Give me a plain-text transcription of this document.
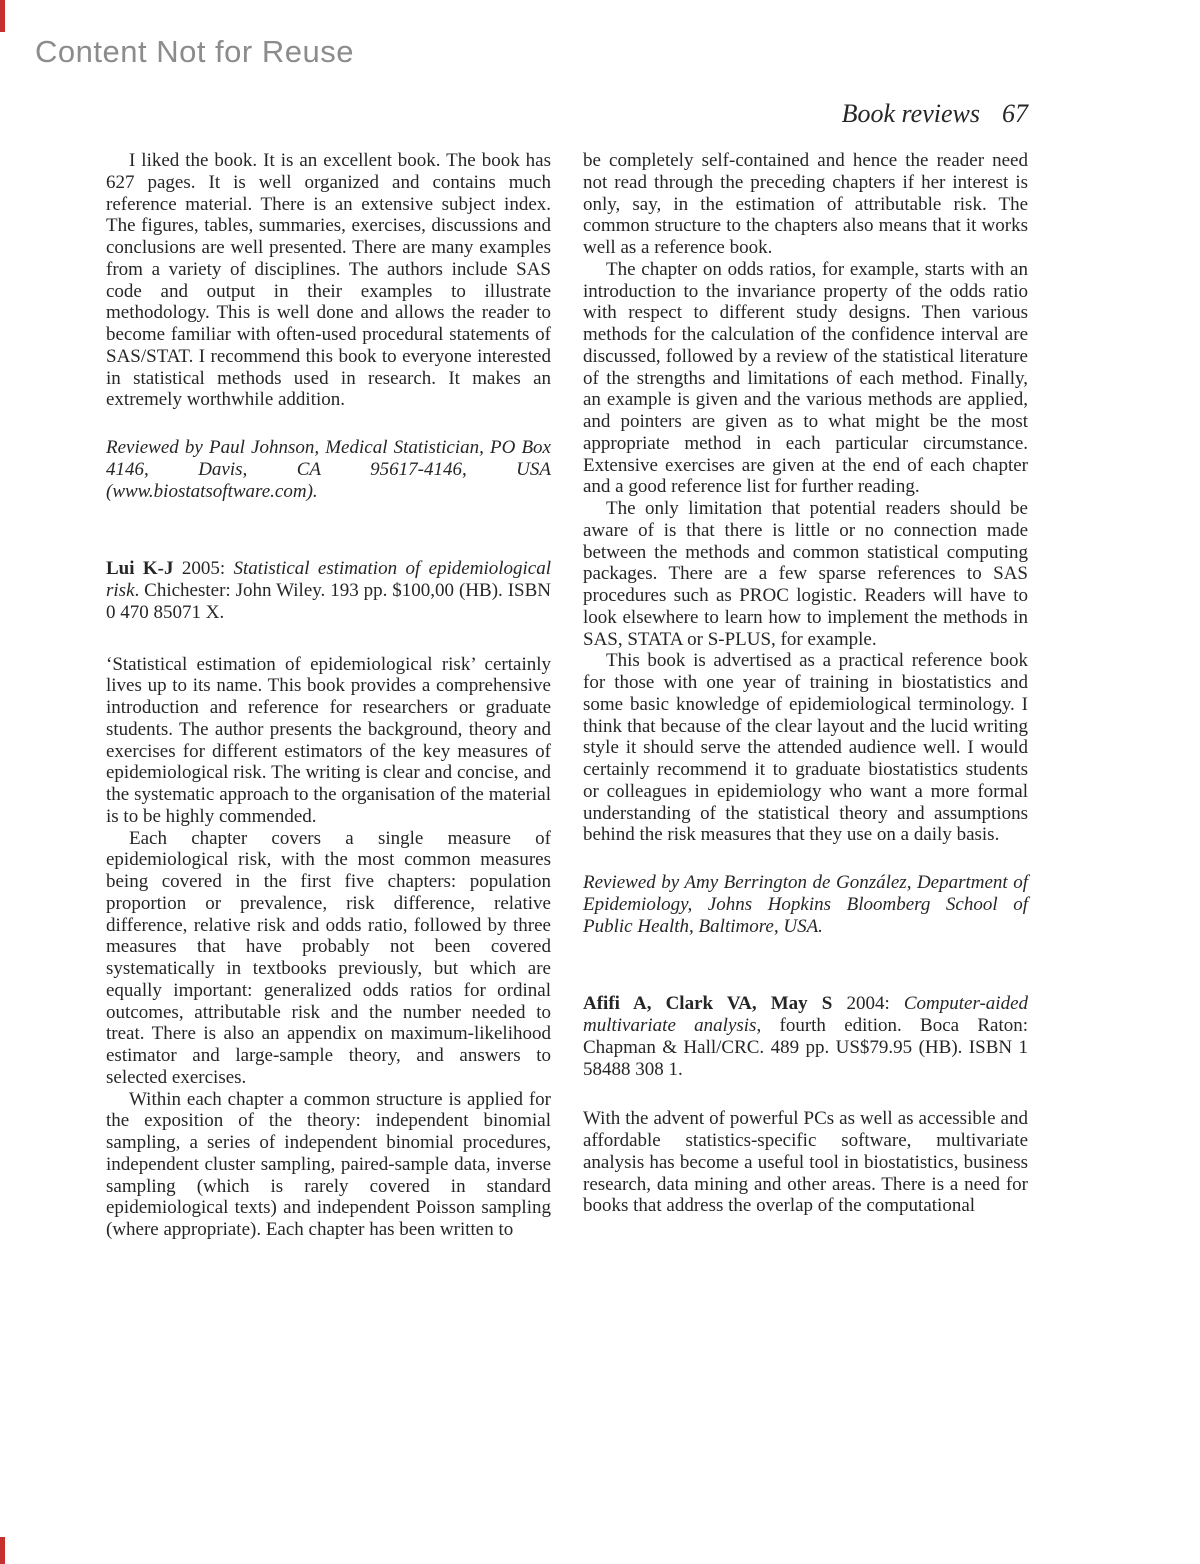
Content Not for Reuse
Book reviews 67

I liked the book. It is an excellent book. The book has 627 pages. It is well organized and contains much reference material. There is an extensive subject index. The figures, tables, summaries, exercises, discussions and conclusions are well presented. There are many examples from a variety of disciplines. The authors include SAS code and output in their examples to illustrate methodology. This is well done and allows the reader to become familiar with often-used procedural statements of SAS/STAT. I recommend this book to everyone interested in statistical methods used in research. It makes an extremely worthwhile addition.

Reviewed by Paul Johnson, Medical Statistician, PO Box 4146, Davis, CA 95617-4146, USA (www.biostatsoftware.com).

Lui K-J 2005: Statistical estimation of epidemiological risk. Chichester: John Wiley. 193 pp. $100,00 (HB). ISBN 0 470 85071 X.

‘Statistical estimation of epidemiological risk’ certainly lives up to its name. This book provides a comprehensive introduction and reference for researchers or graduate students. The author presents the background, theory and exercises for different estimators of the key measures of epidemiological risk. The writing is clear and concise, and the systematic approach to the organisation of the material is to be highly commended.

Each chapter covers a single measure of epidemiological risk, with the most common measures being covered in the first five chapters: population proportion or prevalence, risk difference, relative difference, relative risk and odds ratio, followed by three measures that have probably not been covered systematically in textbooks previously, but which are equally important: generalized odds ratios for ordinal outcomes, attributable risk and the number needed to treat. There is also an appendix on maximum-likelihood estimator and large-sample theory, and answers to selected exercises.

Within each chapter a common structure is applied for the exposition of the theory: independent binomial sampling, a series of independent binomial procedures, independent cluster sampling, paired-sample data, inverse sampling (which is rarely covered in standard epidemiological texts) and independent Poisson sampling (where appropriate). Each chapter has been written to

be completely self-contained and hence the reader need not read through the preceding chapters if her interest is only, say, in the estimation of attributable risk. The common structure to the chapters also means that it works well as a reference book.

The chapter on odds ratios, for example, starts with an introduction to the invariance property of the odds ratio with respect to different study designs. Then various methods for the calculation of the confidence interval are discussed, followed by a review of the statistical literature of the strengths and limitations of each method. Finally, an example is given and the various methods are applied, and pointers are given as to what might be the most appropriate method in each particular circumstance. Extensive exercises are given at the end of each chapter and a good reference list for further reading.

The only limitation that potential readers should be aware of is that there is little or no connection made between the methods and common statistical computing packages. There are a few sparse references to SAS procedures such as PROC logistic. Readers will have to look elsewhere to learn how to implement the methods in SAS, STATA or S-PLUS, for example.

This book is advertised as a practical reference book for those with one year of training in biostatistics and some basic knowledge of epidemiological terminology. I think that because of the clear layout and the lucid writing style it should serve the attended audience well. I would certainly recommend it to graduate biostatistics students or colleagues in epidemiology who want a more formal understanding of the statistical theory and assumptions behind the risk measures that they use on a daily basis.

Reviewed by Amy Berrington de González, Department of Epidemiology, Johns Hopkins Bloomberg School of Public Health, Baltimore, USA.

Afifi A, Clark VA, May S 2004: Computer-aided multivariate analysis, fourth edition. Boca Raton: Chapman & Hall/CRC. 489 pp. US$79.95 (HB). ISBN 1 58488 308 1.

With the advent of powerful PCs as well as accessible and affordable statistics-specific software, multivariate analysis has become a useful tool in biostatistics, business research, data mining and other areas. There is a need for books that address the overlap of the computational
